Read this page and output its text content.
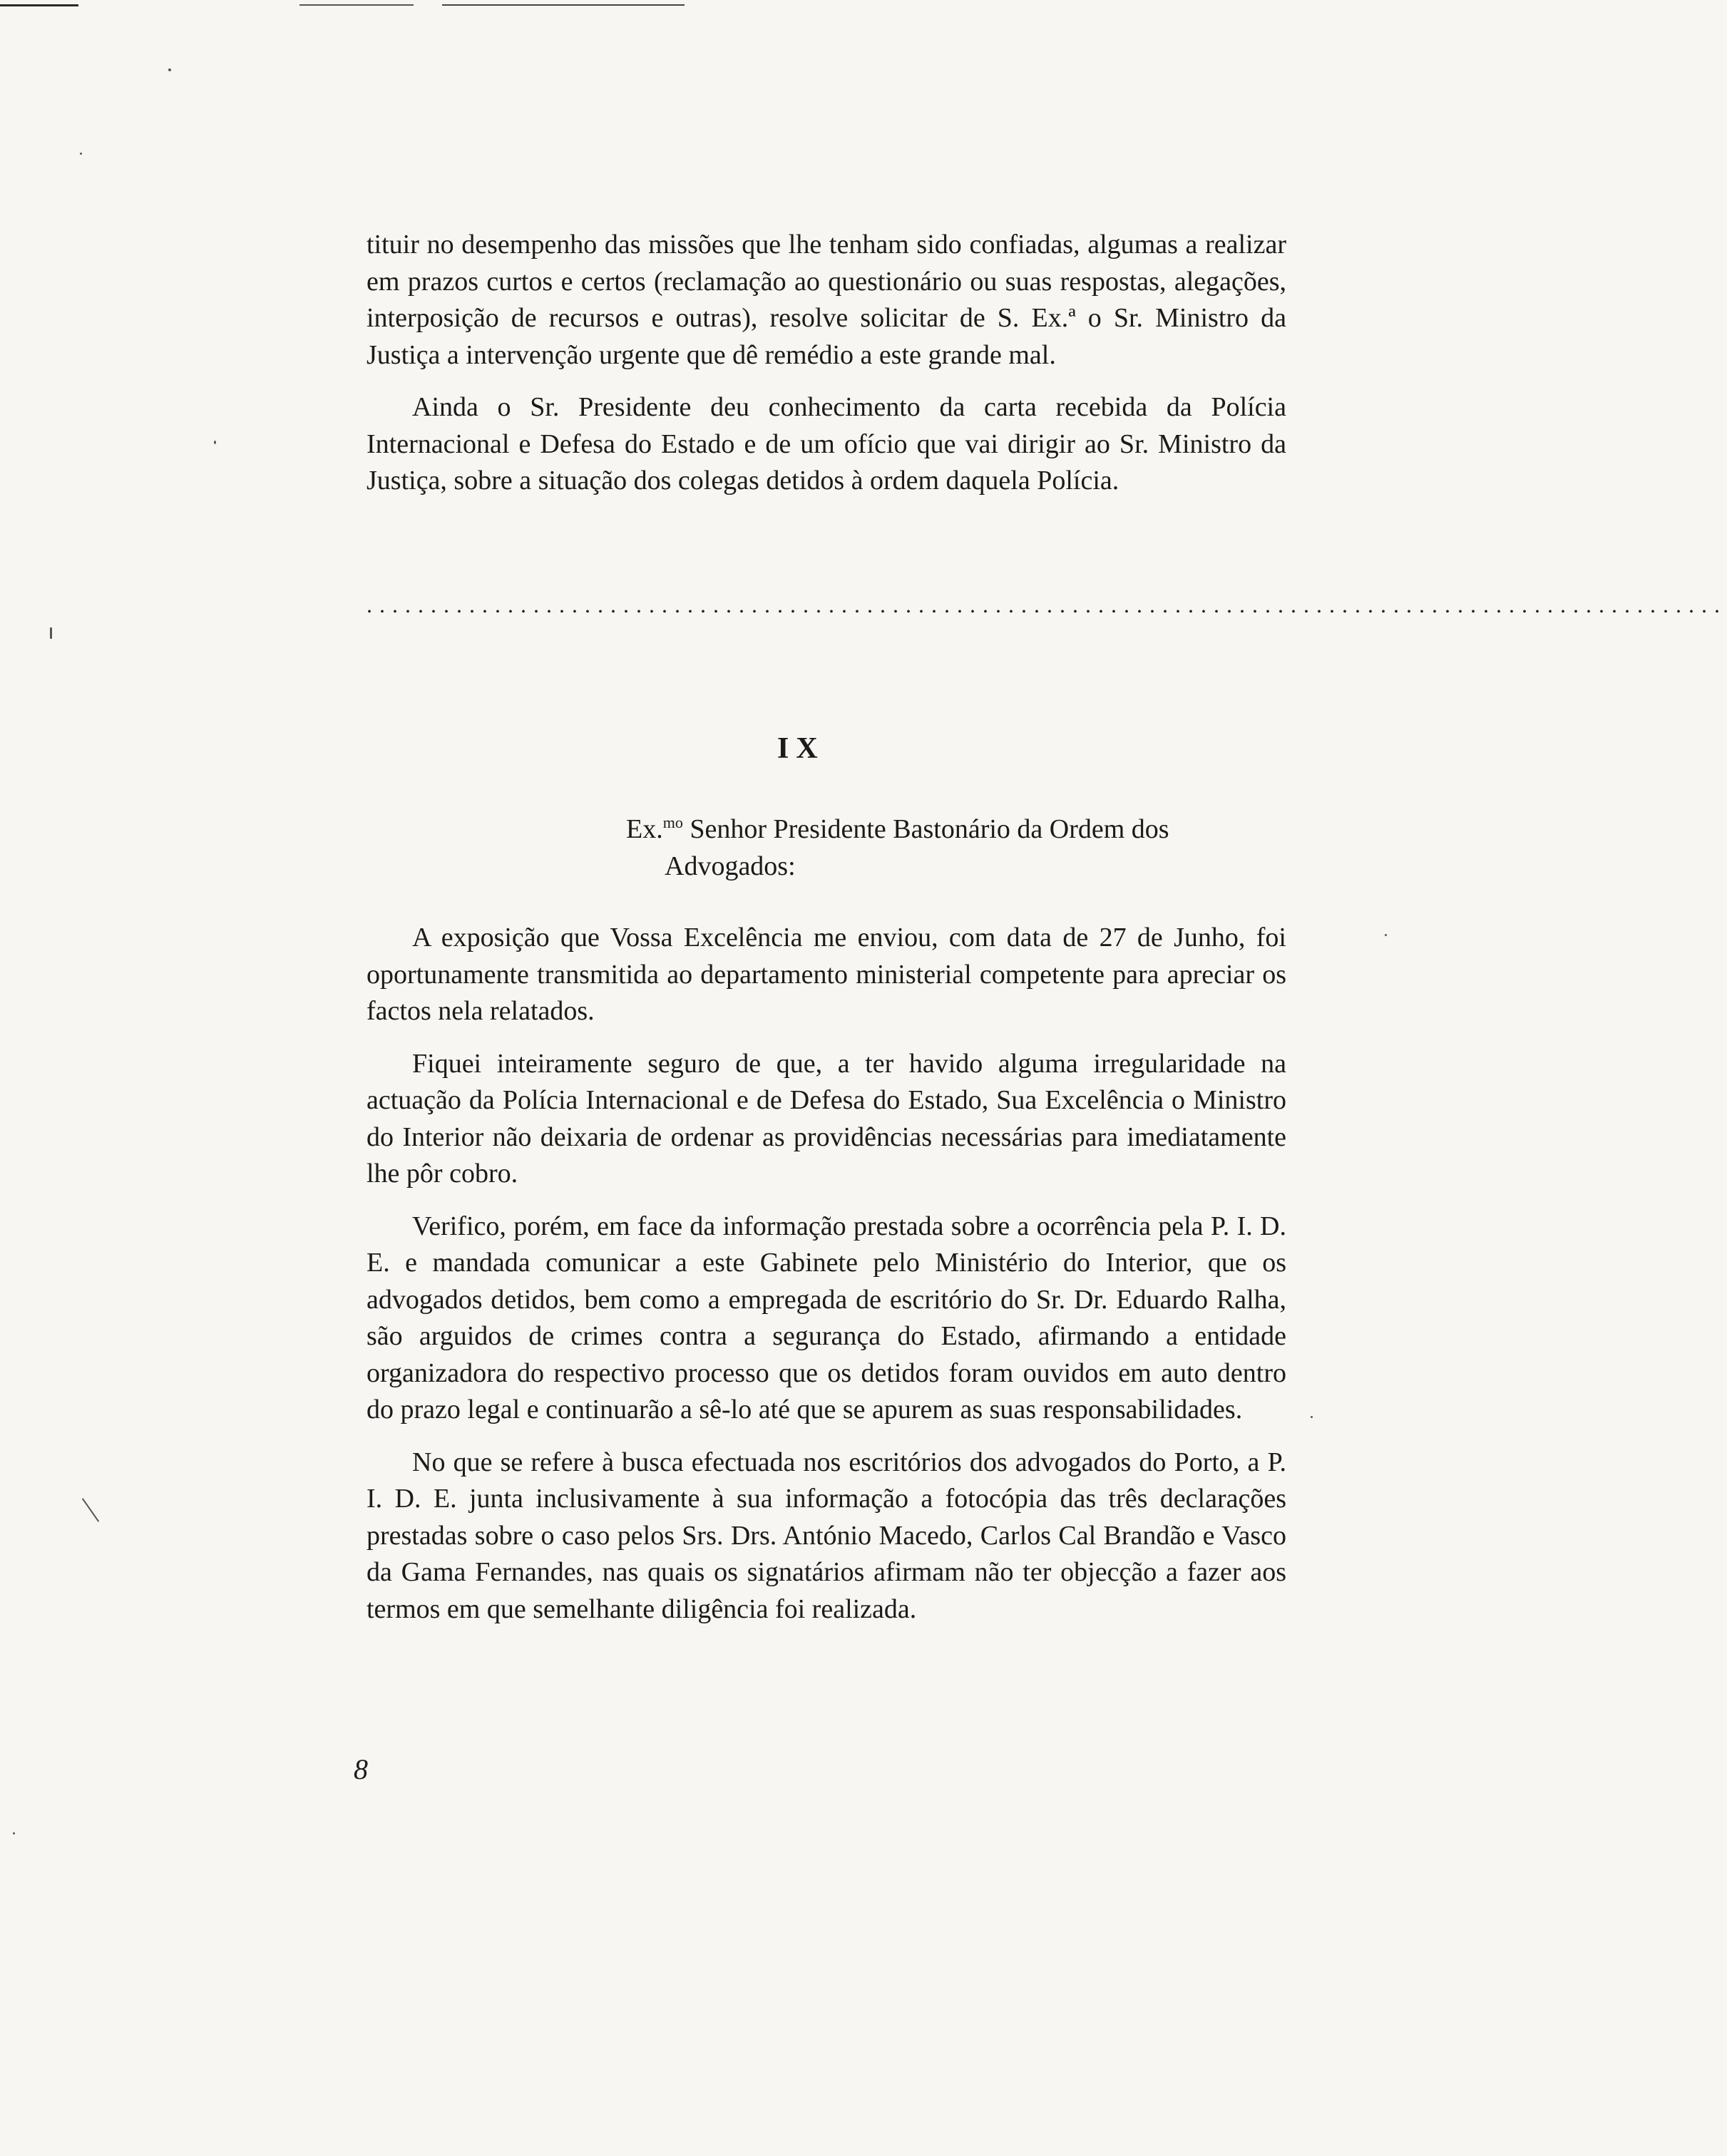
tituir no desempenho das missões que lhe tenham sido confiadas, algumas a realizar em prazos curtos e certos (reclamação ao questionário ou suas respostas, alegações, interposição de recursos e outras), resolve solicitar de S. Ex.ª o Sr. Ministro da Justiça a intervenção urgente que dê remédio a este grande mal.

Ainda o Sr. Presidente deu conhecimento da carta recebida da Polícia Internacional e Defesa do Estado e de um ofício que vai dirigir ao Sr. Ministro da Justiça, sobre a situação dos colegas detidos à ordem daquela Polícia.

..........................................................................................................
IX
Ex.$^{mo}$ Senhor Presidente Bastonário da Ordem dos
Advogados:

A exposição que Vossa Excelência me enviou, com data de 27 de Junho, foi oportunamente transmitida ao departamento ministerial competente para apreciar os factos nela relatados.

Fiquei inteiramente seguro de que, a ter havido alguma irregularidade na actuação da Polícia Internacional e de Defesa do Estado, Sua Excelência o Ministro do Interior não deixaria de ordenar as providências necessárias para imediatamente lhe pôr cobro.

Verifico, porém, em face da informação prestada sobre a ocorrência pela P. I. D. E. e mandada comunicar a este Gabinete pelo Ministério do Interior, que os advogados detidos, bem como a empregada de escritório do Sr. Dr. Eduardo Ralha, são arguidos de crimes contra a segurança do Estado, afirmando a entidade organizadora do respectivo processo que os detidos foram ouvidos em auto dentro do prazo legal e continuarão a sê-lo até que se apurem as suas responsabilidades.

No que se refere à busca efectuada nos escritórios dos advogados do Porto, a P. I. D. E. junta inclusivamente à sua informação a fotocópia das três declarações prestadas sobre o caso pelos Srs. Drs. António Macedo, Carlos Cal Brandão e Vasco da Gama Fernandes, nas quais os signatários afirmam não ter objecção a fazer aos termos em que semelhante diligência foi realizada.

8
